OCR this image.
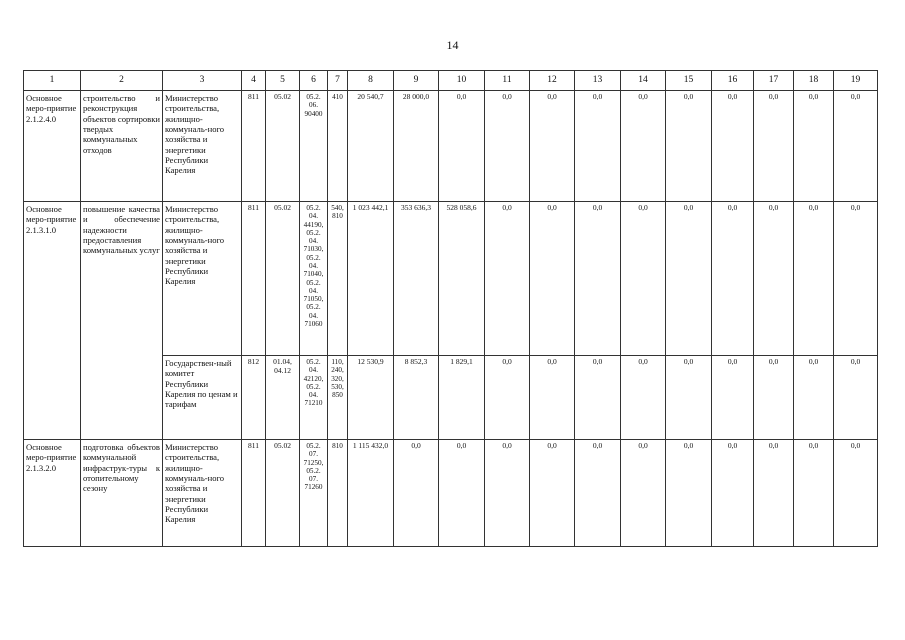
14
1	2	3	4	5	6	7	8	9	10	11	12	13	14	15	16	17	18	19
Основное меро-приятие 2.1.2.4.0	строительство и реконструкция объектов сортировки твердых коммунальных отходов	Министерство строительства, жилищно-коммуналь-ного хозяйства и энергетики Республики Карелия	811	05.02	05.2. 06. 90400	410	20 540,7	28 000,0	0,0	0,0	0,0	0,0	0,0	0,0	0,0	0,0	0,0	0,0
Основное меро-приятие 2.1.3.1.0	повышение качества и обеспечение надежности предоставления коммунальных услуг	Министерство строительства, жилищно-коммуналь-ного хозяйства и энергетики Республики Карелия	811	05.02	05.2. 04. 44190, 05.2. 04. 71030, 05.2. 04. 71040, 05.2. 04. 71050, 05.2. 04. 71060	540, 810	1 023 442,1	353 636,3	528 058,6	0,0	0,0	0,0	0,0	0,0	0,0	0,0	0,0	0,0
		Государствен-ный комитет Республики Карелия по ценам и тарифам	812	01.04, 04.12	05.2. 04. 42120, 05.2. 04. 71210	110, 240, 320, 530, 850	12 530,9	8 852,3	1 829,1	0,0	0,0	0,0	0,0	0,0	0,0	0,0	0,0	0,0
Основное меро-приятие 2.1.3.2.0	подготовка объектов коммунальной инфраструк-туры к отопительному сезону	Министерство строительства, жилищно-коммуналь-ного хозяйства и энергетики Республики Карелия	811	05.02	05.2. 07. 71250, 05.2. 07. 71260	810	1 115 432,0	0,0	0,0	0,0	0,0	0,0	0,0	0,0	0,0	0,0	0,0	0,0
